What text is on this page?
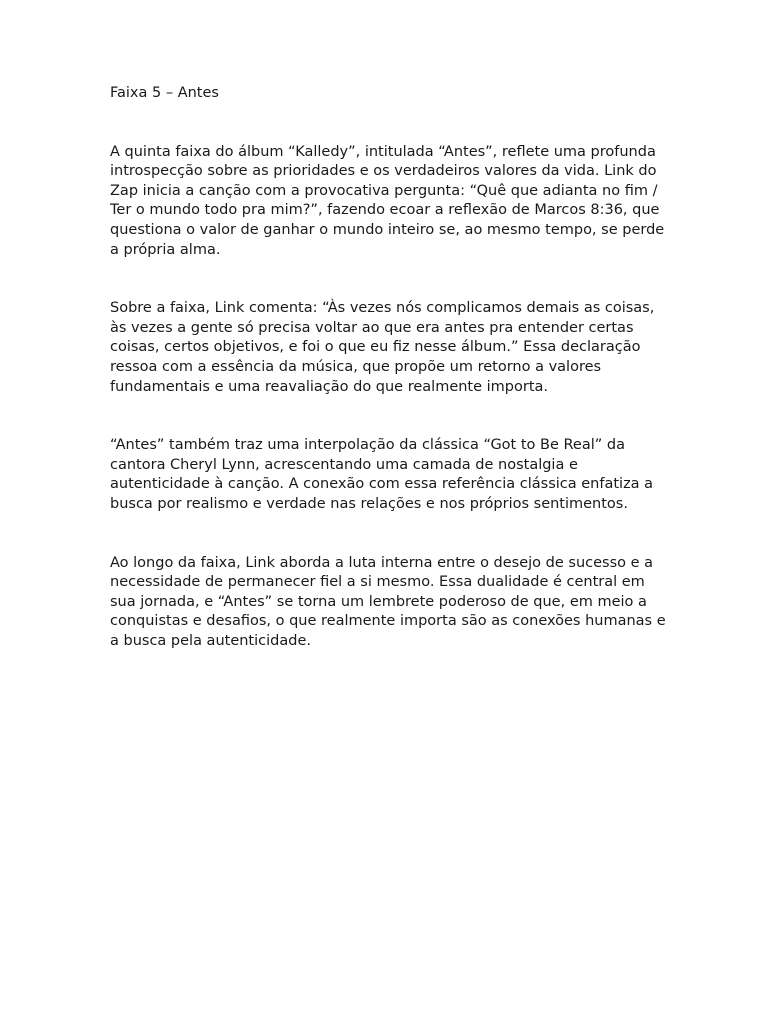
Faixa 5 – Antes

A quinta faixa do álbum “Kalledy”, intitulada “Antes”, reflete uma profunda introspecção sobre as prioridades e os verdadeiros valores da vida. Link do Zap inicia a canção com a provocativa pergunta: “Quê que adianta no fim / Ter o mundo todo pra mim?”, fazendo ecoar a reflexão de Marcos 8:36, que questiona o valor de ganhar o mundo inteiro se, ao mesmo tempo, se perde a própria alma.

Sobre a faixa, Link comenta: “Às vezes nós complicamos demais as coisas, às vezes a gente só precisa voltar ao que era antes pra entender certas coisas, certos objetivos, e foi o que eu fiz nesse álbum.” Essa declaração ressoa com a essência da música, que propõe um retorno a valores fundamentais e uma reavaliação do que realmente importa.

“Antes” também traz uma interpolação da clássica “Got to Be Real” da cantora Cheryl Lynn, acrescentando uma camada de nostalgia e autenticidade à canção. A conexão com essa referência clássica enfatiza a busca por realismo e verdade nas relações e nos próprios sentimentos.

Ao longo da faixa, Link aborda a luta interna entre o desejo de sucesso e a necessidade de permanecer fiel a si mesmo. Essa dualidade é central em sua jornada, e “Antes” se torna um lembrete poderoso de que, em meio a conquistas e desafios, o que realmente importa são as conexões humanas e a busca pela autenticidade.
